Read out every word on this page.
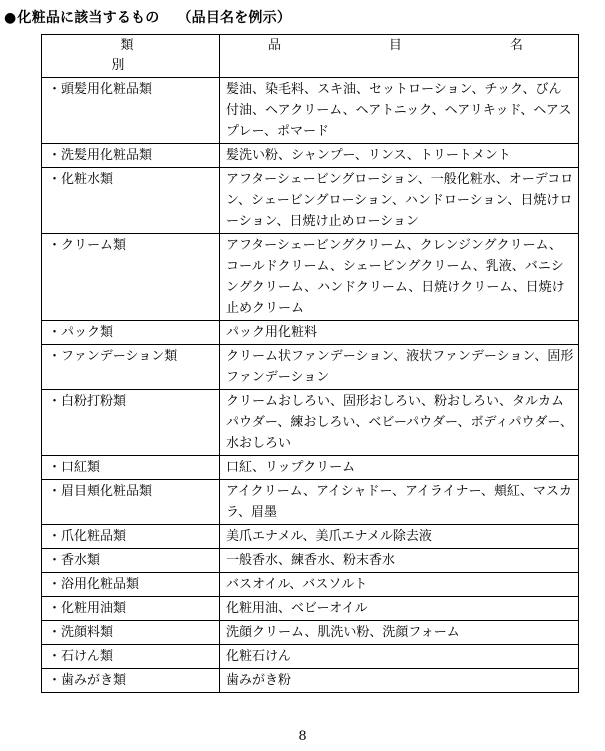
●化粧品に該当するもの （品目名を例示）
類　　別	品　　目　　名
・頭髪用化粧品類	髪油、染毛料、スキ油、セットローション、チック、びん付油、ヘアクリーム、ヘアトニック、ヘアリキッド、ヘアスプレー、ポマード
・洗髪用化粧品類	髪洗い粉、シャンプー、リンス、トリートメント
・化粧水類	アフターシェービングローション、一般化粧水、オーデコロン、シェービングローション、ハンドローション、日焼けローション、日焼け止めローション
・クリーム類	アフターシェービングクリーム、クレンジングクリーム、コールドクリーム、シェービングクリーム、乳液、バニシングクリーム、ハンドクリーム、日焼けクリーム、日焼け止めクリーム
・パック類	パック用化粧料
・ファンデーション類	クリーム状ファンデーション、液状ファンデーション、固形ファンデーション
・白粉打粉類	クリームおしろい、固形おしろい、粉おしろい、タルカムパウダー、練おしろい、ベビーパウダー、ボディパウダー、水おしろい
・口紅類	口紅、リップクリーム
・眉目頬化粧品類	アイクリーム、アイシャドー、アイライナー、頬紅、マスカラ、眉墨
・爪化粧品類	美爪エナメル、美爪エナメル除去液
・香水類	一般香水、練香水、粉末香水
・浴用化粧品類	バスオイル、バスソルト
・化粧用油類	化粧用油、ベビーオイル
・洗顔料類	洗顔クリーム、肌洗い粉、洗顔フォーム
・石けん類	化粧石けん
・歯みがき類	歯みがき粉
8
